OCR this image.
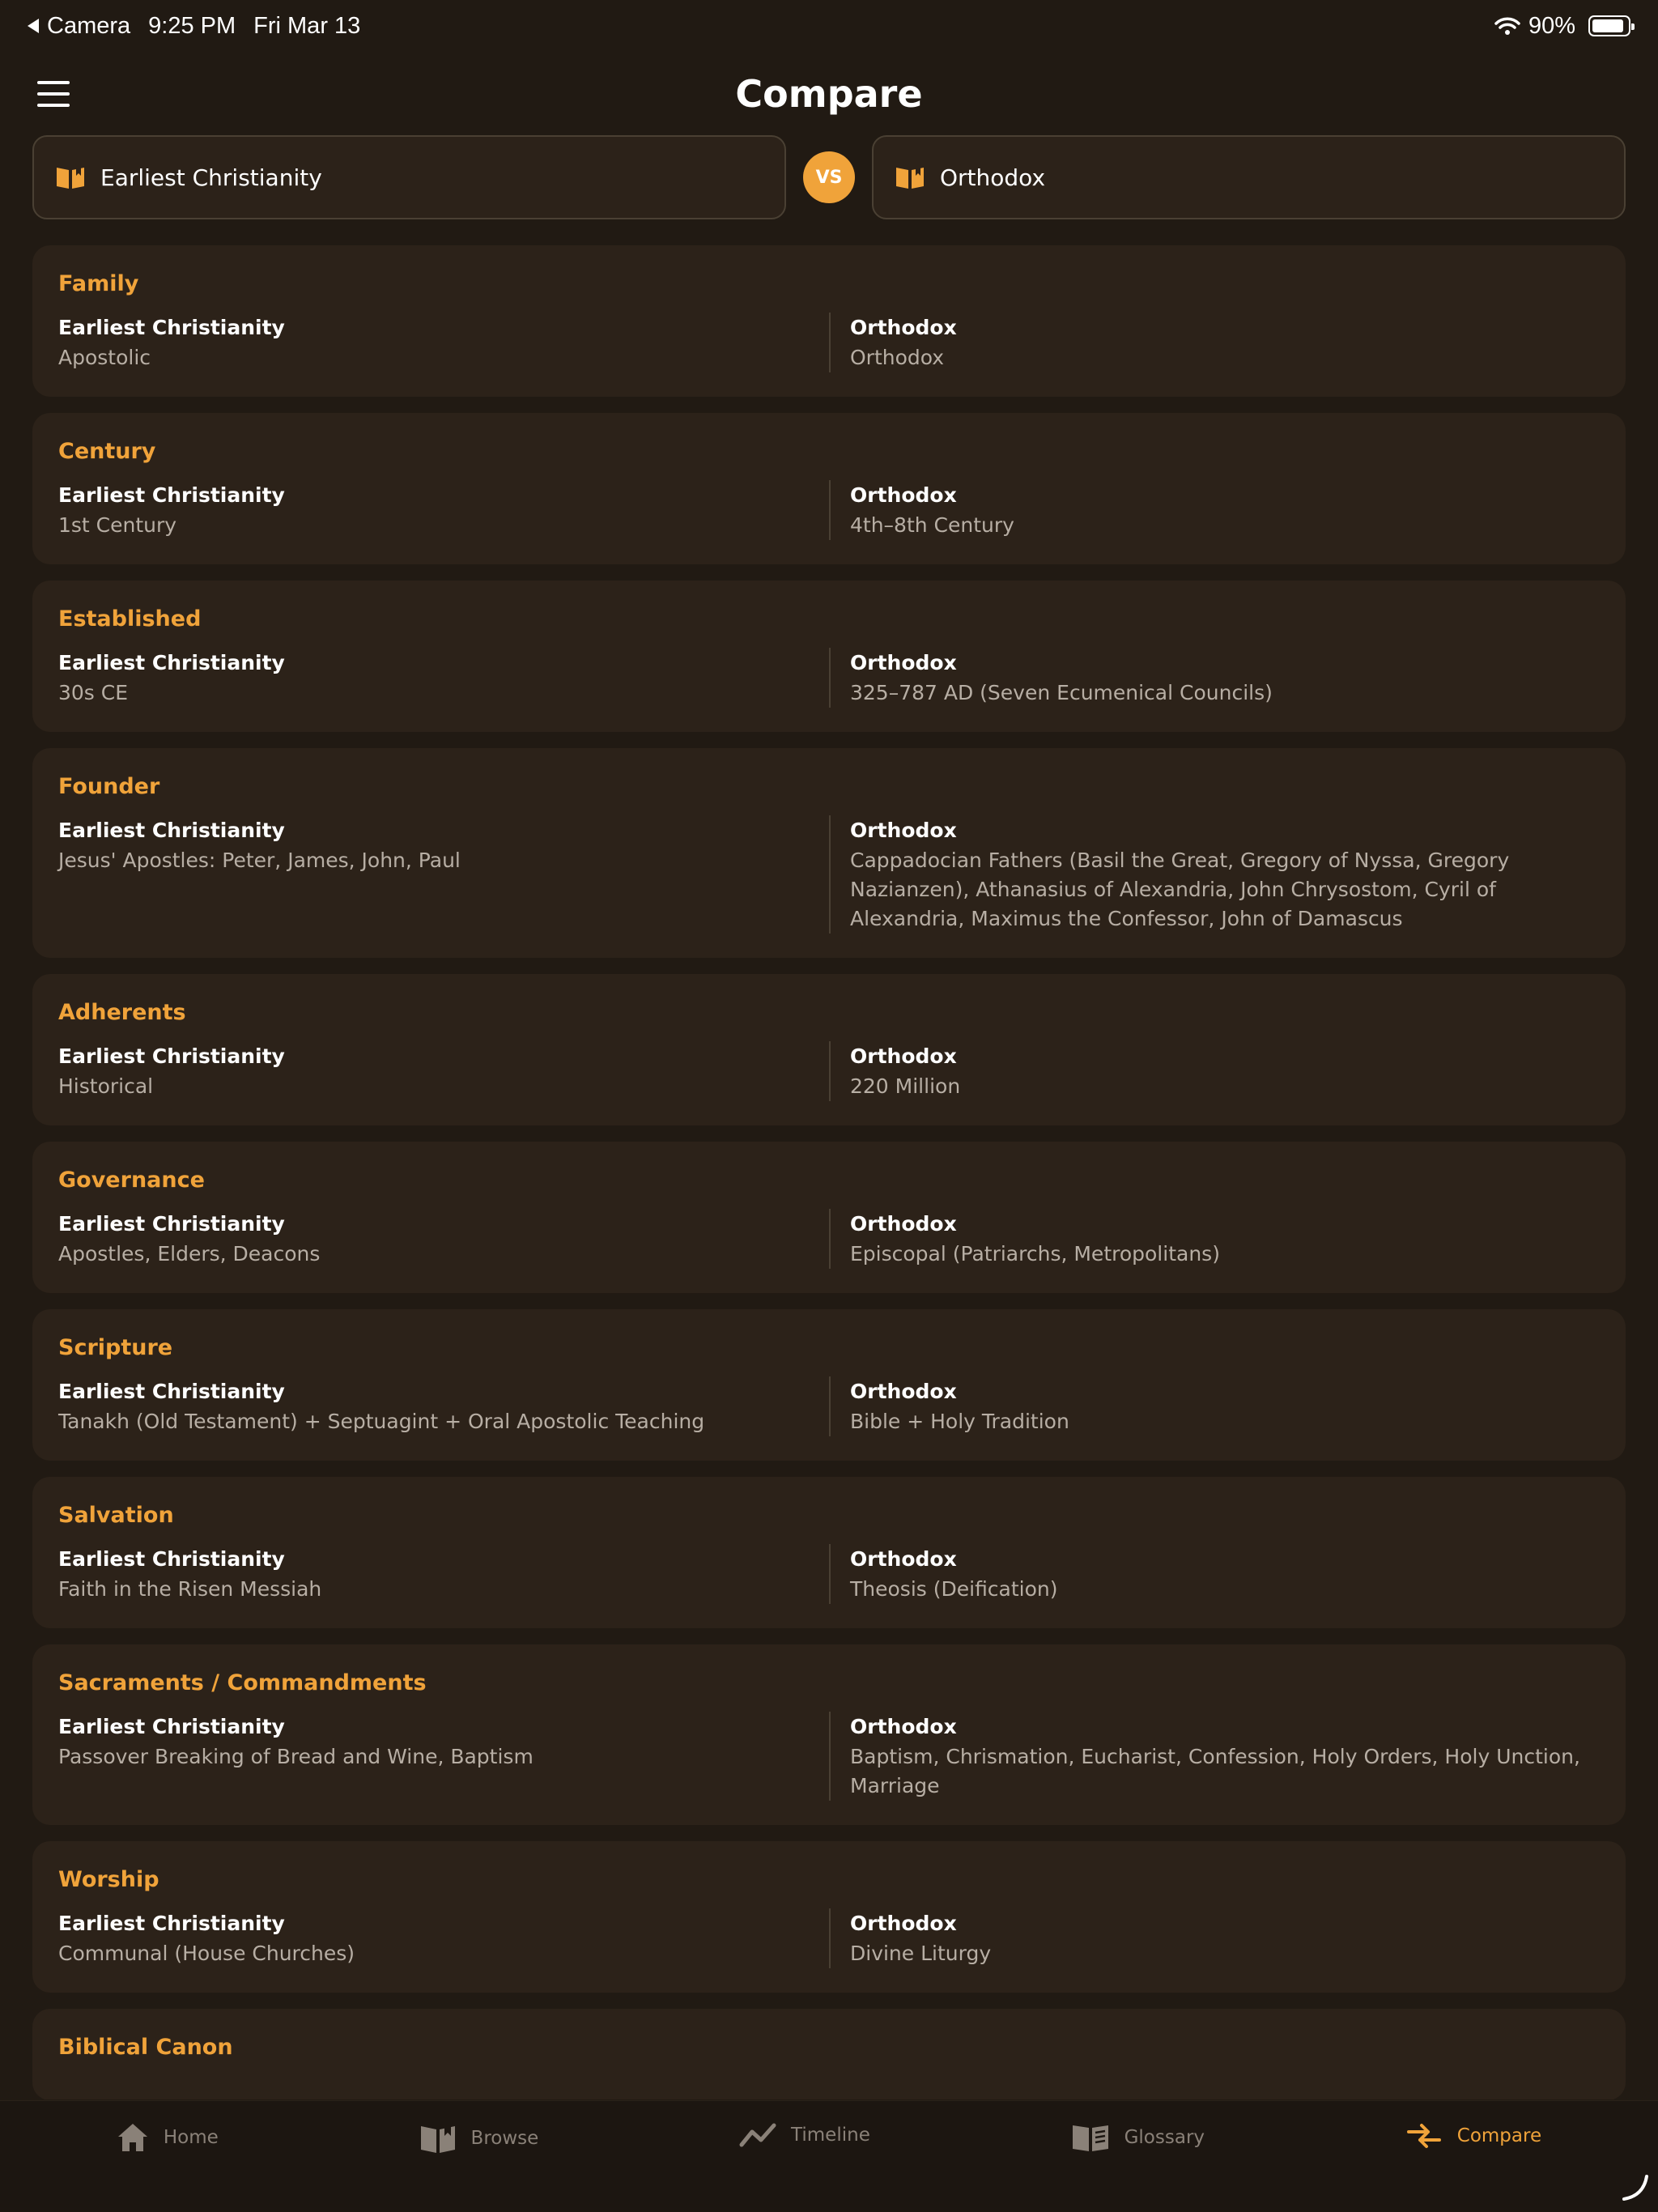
Camera 9:25 PM Fri Mar 13	90%
Compare
Earliest Christianity	VS	Orthodox
Family
Earliest Christianity
Apostolic
Orthodox
Orthodox
Century
Earliest Christianity
1st Century
Orthodox
4th–8th Century
Established
Earliest Christianity
30s CE
Orthodox
325–787 AD (Seven Ecumenical Councils)
Founder
Earliest Christianity
Jesus' Apostles: Peter, James, John, Paul
Orthodox
Cappadocian Fathers (Basil the Great, Gregory of Nyssa, Gregory Nazianzen), Athanasius of Alexandria, John Chrysostom, Cyril of Alexandria, Maximus the Confessor, John of Damascus
Adherents
Earliest Christianity
Historical
Orthodox
220 Million
Governance
Earliest Christianity
Apostles, Elders, Deacons
Orthodox
Episcopal (Patriarchs, Metropolitans)
Scripture
Earliest Christianity
Tanakh (Old Testament) + Septuagint + Oral Apostolic Teaching
Orthodox
Bible + Holy Tradition
Salvation
Earliest Christianity
Faith in the Risen Messiah
Orthodox
Theosis (Deification)
Sacraments / Commandments
Earliest Christianity
Passover Breaking of Bread and Wine, Baptism
Orthodox
Baptism, Chrismation, Eucharist, Confession, Holy Orders, Holy Unction, Marriage
Worship
Earliest Christianity
Communal (House Churches)
Orthodox
Divine Liturgy
Biblical Canon
Home	Browse	Timeline	Glossary	Compare
